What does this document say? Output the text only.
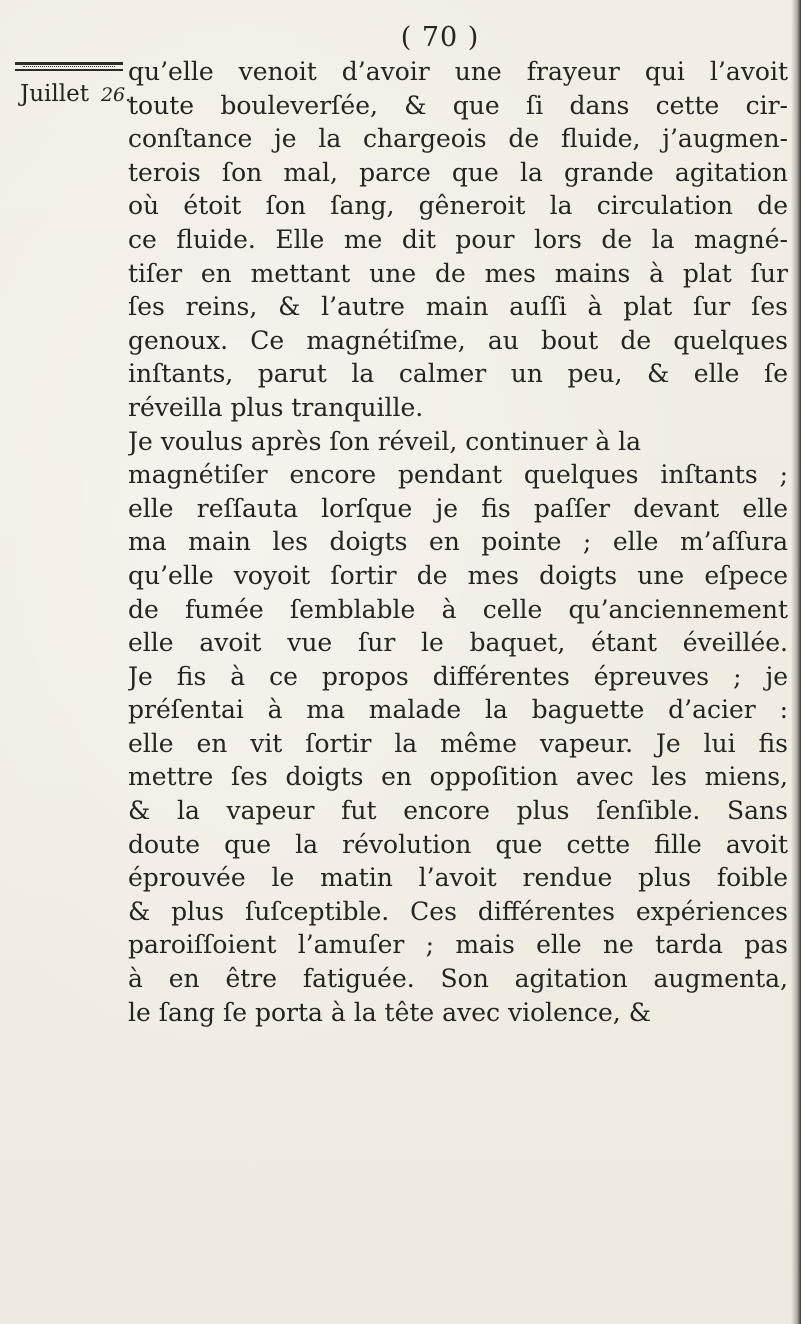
( 70 )
Juillet 26.
qu’elle venoit d’avoir une frayeur qui l’avoit
toute bouleverſée, & que ſi dans cette cir-
conſtance je la chargeois de fluide, j’augmen-
terois ſon mal, parce que la grande agitation
où étoit ſon ſang, gêneroit la circulation de
ce fluide. Elle me dit pour lors de la magné-
tiſer en mettant une de mes mains à plat ſur
ſes reins, & l’autre main auſſi à plat ſur ſes
genoux. Ce magnétiſme, au bout de quelques
inſtants, parut la calmer un peu, & elle ſe
réveilla plus tranquille.
Je voulus après ſon réveil, continuer à la
magnétiſer encore pendant quelques inſtants ;
elle reſſauta lorſque je fis paſſer devant elle
ma main les doigts en pointe ; elle m’aſſura
qu’elle voyoit ſortir de mes doigts une eſpece
de fumée ſemblable à celle qu’anciennement
elle avoit vue ſur le baquet, étant éveillée.
Je fis à ce propos différentes épreuves ; je
préſentai à ma malade la baguette d’acier :
elle en vit ſortir la même vapeur. Je lui fis
mettre ſes doigts en oppoſition avec les miens,
& la vapeur fut encore plus ſenſible. Sans
doute que la révolution que cette fille avoit
éprouvée le matin l’avoit rendue plus foible
& plus ſuſceptible. Ces différentes expériences
paroiſſoient l’amuſer ; mais elle ne tarda pas
à en être fatiguée. Son agitation augmenta,
le ſang ſe porta à la tête avec violence, &
